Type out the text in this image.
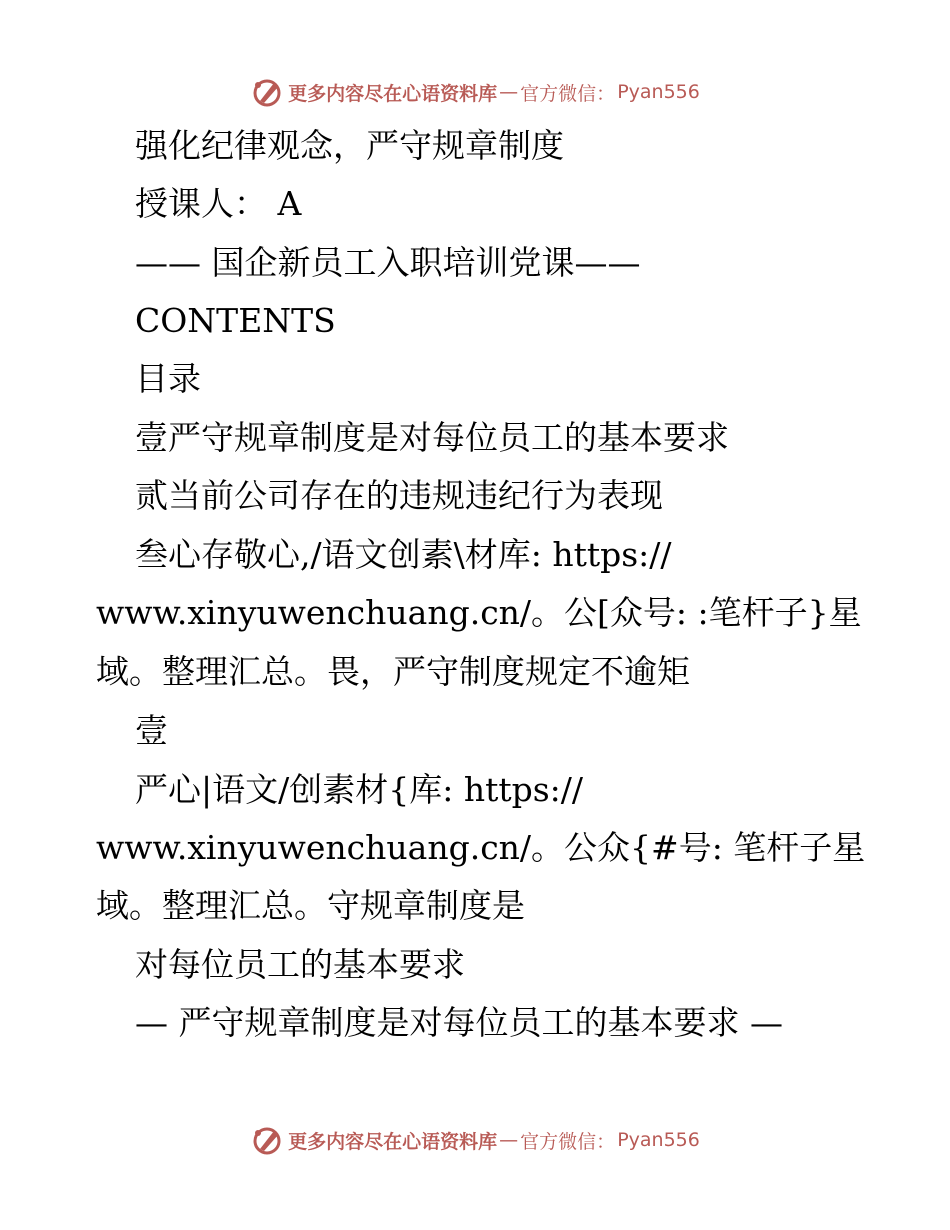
更多内容尽在心语资料库 — 官方微信： Pyan556
强化纪律观念，严守规章制度
授课人： A
—— 国企新员工入职培训党课——
CONTENTS
目录
壹严守规章制度是对每位员工的基本要求
贰当前公司存在的违规违纪行为表现
叁心存敬心,/语文创素\材库: https://
www.xinyuwenchuang.cn/。公[众号: :笔杆子}星
域。整理汇总。畏，严守制度规定不逾矩
壹
严心|语文/创素材{库: https://
www.xinyuwenchuang.cn/。公众{#号: 笔杆子星
域。整理汇总。守规章制度是
对每位员工的基本要求
— 严守规章制度是对每位员工的基本要求 —
更多内容尽在心语资料库 — 官方微信： Pyan556
